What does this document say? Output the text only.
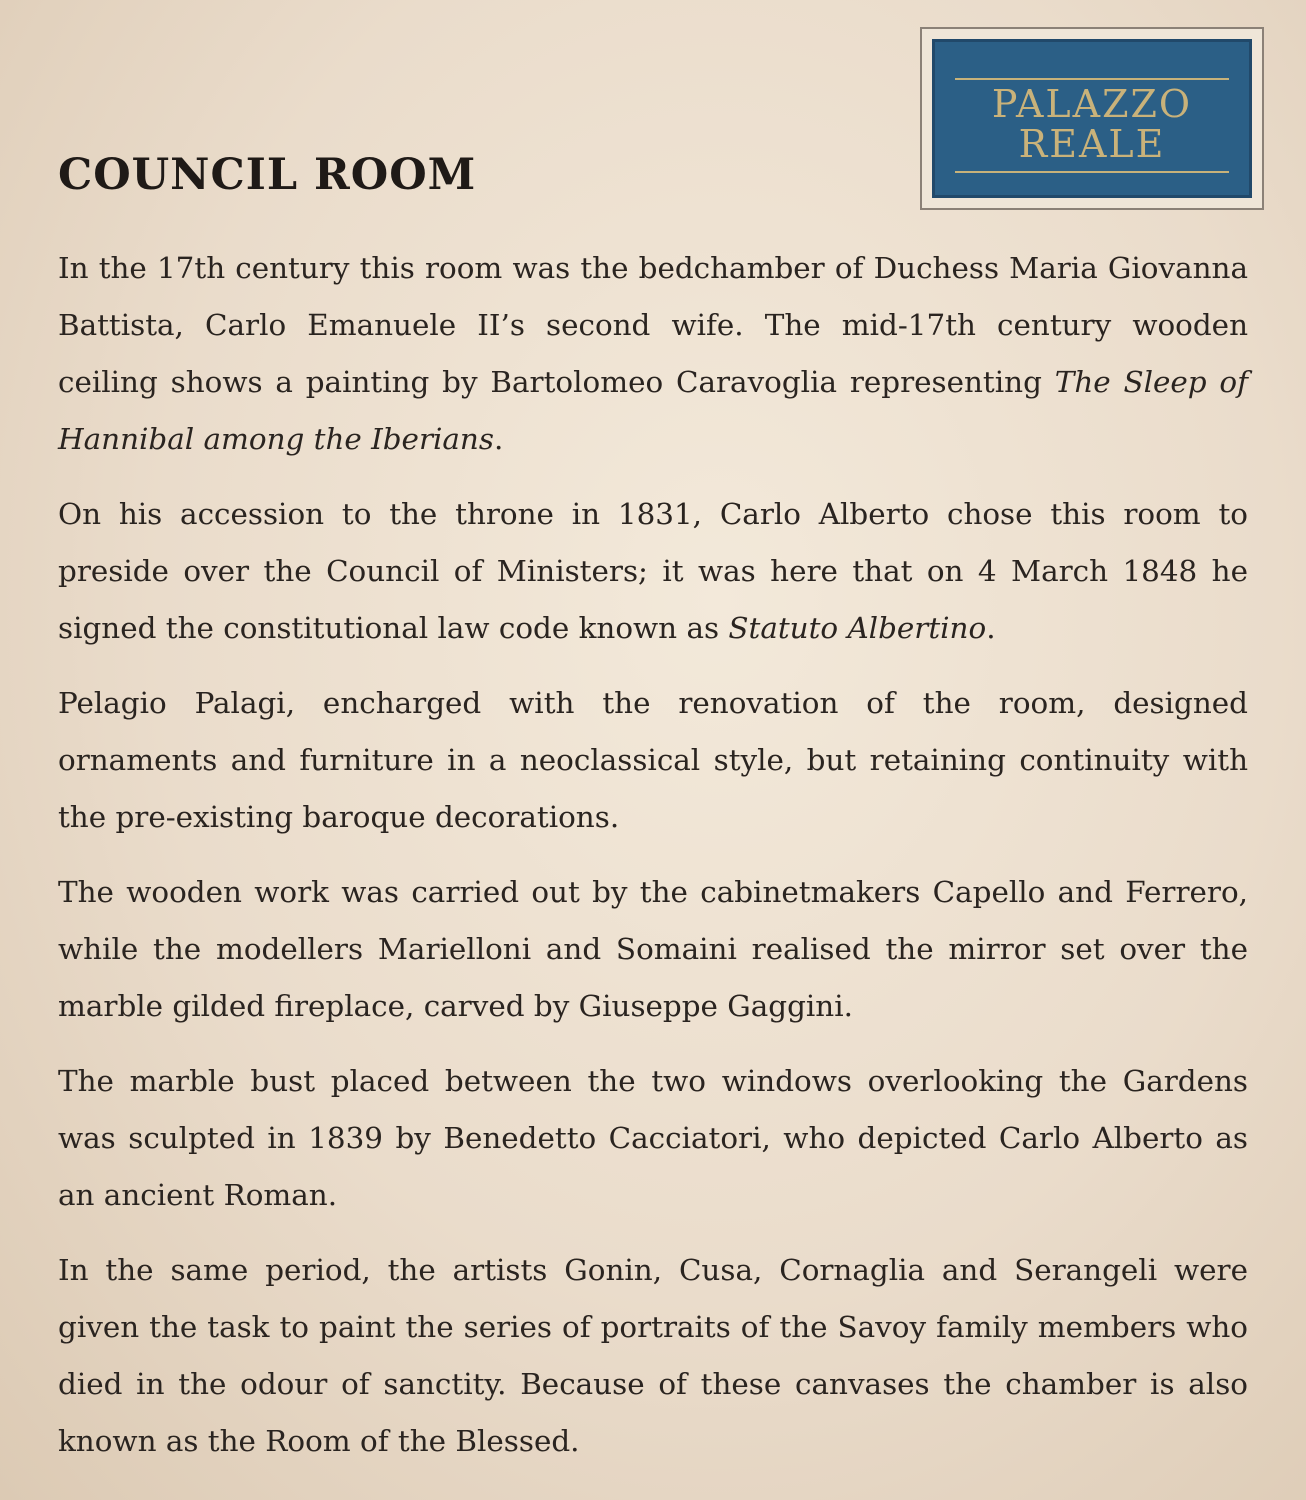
PALAZZO
REALE
COUNCIL ROOM

In the 17th century this room was the bedchamber of Duchess Maria Giovanna Battista, Carlo Emanuele II’s second wife. The mid-17th century wooden ceiling shows a painting by Bartolomeo Caravoglia representing The Sleep of Hannibal among the Iberians.

On his accession to the throne in 1831, Carlo Alberto chose this room to preside over the Council of Ministers; it was here that on 4 March 1848 he signed the constitutional law code known as Statuto Albertino.

Pelagio Palagi, encharged with the renovation of the room, designed ornaments and furniture in a neoclassical style, but retaining continuity with the pre-existing baroque decorations.

The wooden work was carried out by the cabinetmakers Capello and Ferrero, while the modellers Marielloni and Somaini realised the mirror set over the marble gilded fireplace, carved by Giuseppe Gaggini.

The marble bust placed between the two windows overlooking the Gardens was sculpted in 1839 by Benedetto Cacciatori, who depicted Carlo Alberto as an ancient Roman.

In the same period, the artists Gonin, Cusa, Cornaglia and Serangeli were given the task to paint the series of portraits of the Savoy family members who died in the odour of sanctity. Because of these canvases the chamber is also known as the Room of the Blessed.
